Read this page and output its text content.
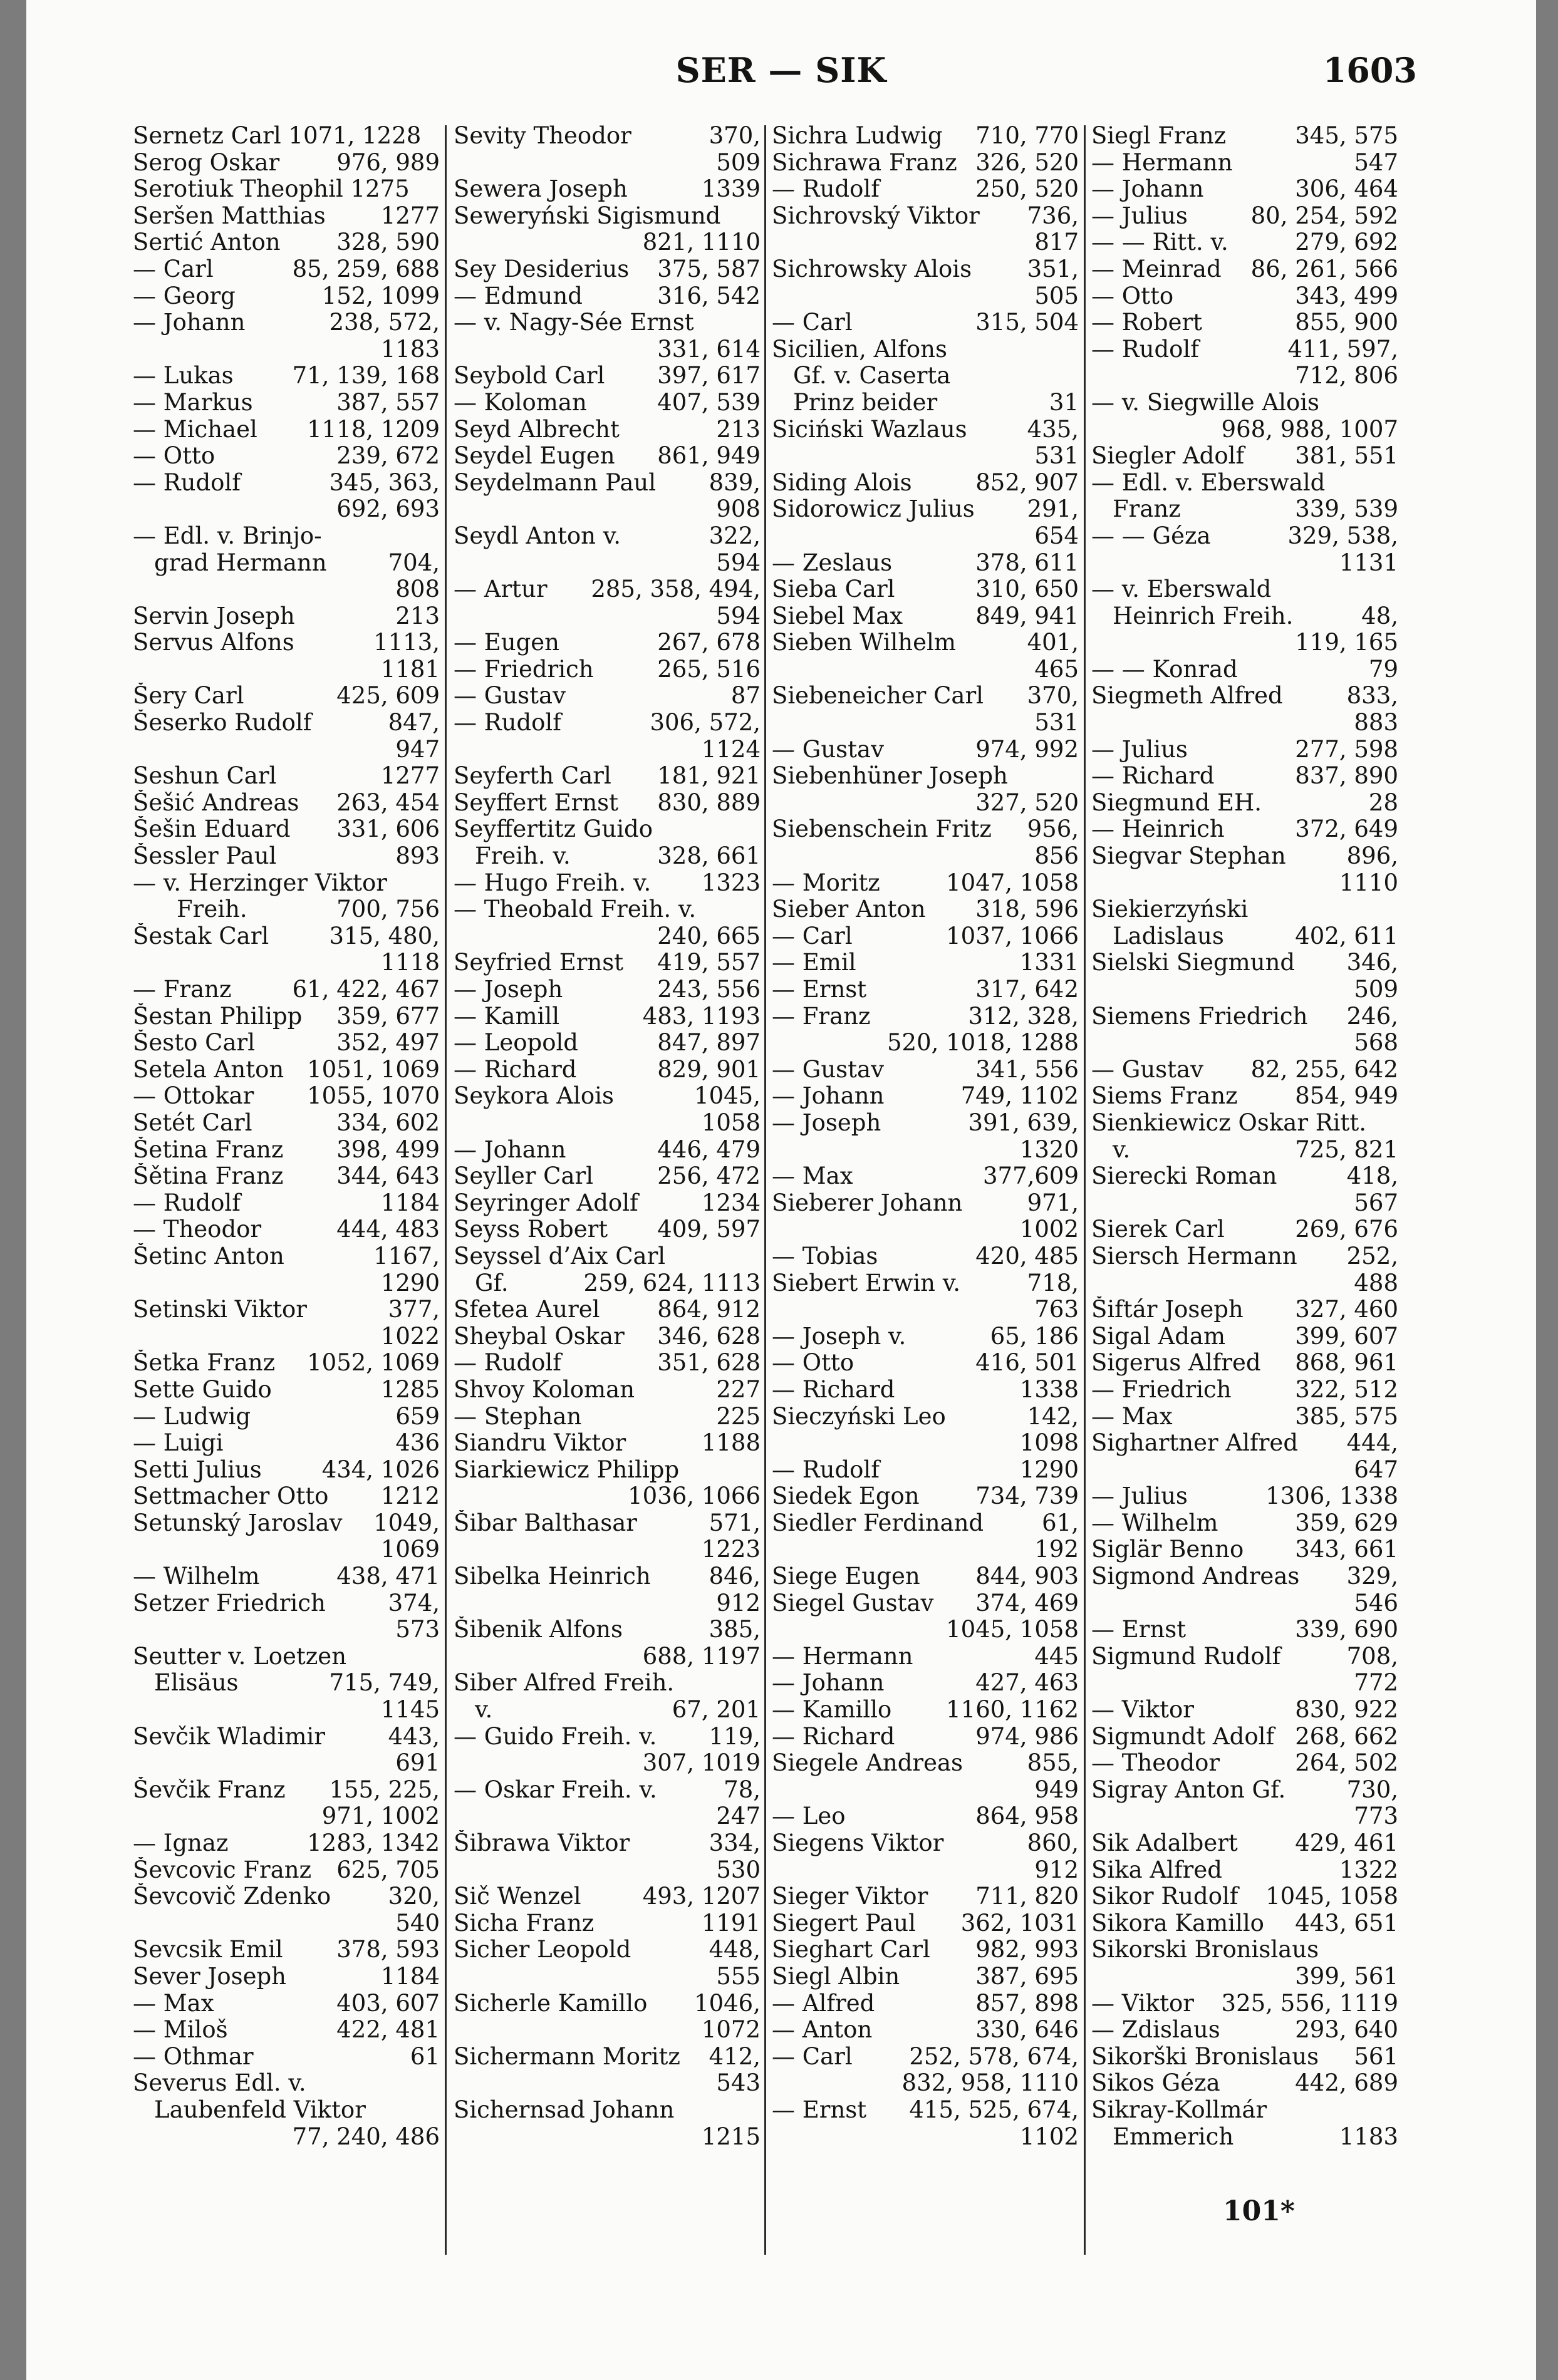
SER — SIK	1603
Sernetz Carl 1071, 1228
Serog Oskar 976, 989
Serotiuk Theophil 1275
Seršen Matthias 1277
Sertić Anton 328, 590
— Carl	85, 259, 688
— Georg	152, 1099
— Johann	238, 572,
1183
— Lukas	71, 139, 168
— Markus	387, 557
— Michael 1118, 1209
— Otto	239, 672
— Rudolf	345, 363,
692, 693
— Edl. v. Brinjo-
grad Hermann	704,
808
Servin Joseph	213
Servus Alfons	1113,
1181
Šery Carl	425, 609
Šeserko Rudolf	847,
947
Seshun Carl	1277
Šešić Andreas 263, 454
Šešin Eduard 331, 606
Šessler Paul	893
— v. Herzinger Viktor
Freih.	700, 756
Šestak Carl	315, 480,
1118
— Franz	61, 422, 467
Šestan Philipp 359, 677
Šesto Carl	352, 497
Setela Anton 1051, 1069
— Ottokar 1055, 1070
Setét Carl	334, 602
Šetina Franz 398, 499
Šětina Franz 344, 643
— Rudolf	1184
— Theodor	444, 483
Šetinc Anton	1167,
1290
Setinski Viktor	377,
1022
Šetka Franz 1052, 1069
Sette Guido	1285
— Ludwig	659
— Luigi	436
Setti Julius	434, 1026
Settmacher Otto 1212
Setunský Jaroslav 1049,
1069
— Wilhelm	438, 471
Setzer Friedrich	374,
573
Seutter v. Loetzen
Elisäus	715, 749,
1145
Sevčik Wladimir	443,
691
Ševčik Franz 155, 225,
971, 1002
— Ignaz	1283, 1342
Ševcovic Franz 625, 705
Ševcovič Zdenko 320,
540
Sevcsik Emil 378, 593
Sever Joseph	1184
— Max	403, 607
— Miloš	422, 481
— Othmar	61
Severus Edl. v.
Laubenfeld Viktor
77, 240, 486
Sevity Theodor	370,
509
Sewera Joseph	1339
Seweryński Sigismund
821, 1110
Sey Desiderius 375, 587
— Edmund	316, 542
— v. Nagy-Sée Ernst
331, 614
Seybold Carl 397, 617
— Koloman	407, 539
Seyd Albrecht	213
Seydel Eugen 861, 949
Seydelmann Paul 839,
908
Seydl Anton v.	322,
594
— Artur 285, 358, 494,
594
— Eugen	267, 678
— Friedrich	265, 516
— Gustav	87
— Rudolf	306, 572,
1124
Seyferth Carl 181, 921
Seyffert Ernst 830, 889
Seyffertitz Guido
Freih. v.	328, 661
— Hugo Freih. v. 1323
— Theobald Freih. v.
240, 665
Seyfried Ernst 419, 557
— Joseph	243, 556
— Kamill	483, 1193
— Leopold	847, 897
— Richard	829, 901
Seykora Alois	1045,
1058
— Johann	446, 479
Seyller Carl	256, 472
Seyringer Adolf	1234
Seyss Robert 409, 597
Seyssel d’Aix Carl
Gf.	259, 624, 1113
Sfetea Aurel 864, 912
Sheybal Oskar 346, 628
— Rudolf	351, 628
Shvoy Koloman	227
— Stephan	225
Siandru Viktor	1188
Siarkiewicz Philipp
1036, 1066
Šibar Balthasar	571,
1223
Sibelka Heinrich	846,
912
Šibenik Alfons	385,
688, 1197
Siber Alfred Freih.
v.	67, 201
— Guido Freih. v. 119,
307, 1019
— Oskar Freih. v.	78,
247
Šibrawa Viktor	334,
530
Sič Wenzel	493, 1207
Sicha Franz	1191
Sicher Leopold	448,
555
Sicherle Kamillo 1046,
1072
Sichermann Moritz 412,
543
Sichernsad Johann
1215
Sichra Ludwig 710, 770
Sichrawa Franz 326, 520
— Rudolf	250, 520
Sichrovský Viktor 736,
817
Sichrowsky Alois 351,
505
— Carl	315, 504
Sicilien, Alfons
Gf. v. Caserta
Prinz beider	31
Siciński Wazlaus	435,
531
Siding Alois	852, 907
Sidorowicz Julius 291,
654
— Zeslaus	378, 611
Sieba Carl	310, 650
Siebel Max	849, 941
Sieben Wilhelm	401,
465
Siebeneicher Carl 370,
531
— Gustav	974, 992
Siebenhüner Joseph
327, 520
Siebenschein Fritz 956,
856
— Moritz	1047, 1058
Sieber Anton 318, 596
— Carl	1037, 1066
— Emil	1331
— Ernst	317, 642
— Franz	312, 328,
520, 1018, 1288
— Gustav	341, 556
— Johann	749, 1102
— Joseph	391, 639,
1320
— Max	377,609
Sieberer Johann	971,
1002
— Tobias	420, 485
Siebert Erwin v.	718,
763
— Joseph v.	65, 186
— Otto	416, 501
— Richard	1338
Sieczyński Leo	142,
1098
— Rudolf	1290
Siedek Egon 734, 739
Siedler Ferdinand	61,
192
Siege Eugen 844, 903
Siegel Gustav 374, 469
1045, 1058
— Hermann	445
— Johann	427, 463
— Kamillo 1160, 1162
— Richard	974, 986
Siegele Andreas	855,
949
— Leo	864, 958
Siegens Viktor	860,
912
Sieger Viktor 711, 820
Siegert Paul 362, 1031
Sieghart Carl 982, 993
Siegl Albin	387, 695
— Alfred	857, 898
— Anton	330, 646
— Carl 252, 578, 674,
832, 958, 1110
— Ernst 415, 525, 674,
1102
Siegl Franz	345, 575
— Hermann	547
— Johann	306, 464
— Julius	80, 254, 592
— — Ritt. v.	279, 692
— Meinrad 86, 261, 566
— Otto	343, 499
— Robert	855, 900
— Rudolf	411, 597,
712, 806
— v. Siegwille Alois
968, 988, 1007
Siegler Adolf 381, 551
— Edl. v. Eberswald
Franz	339, 539
— — Géza	329, 538,
1131
— v. Eberswald
Heinrich Freih.	48,
119, 165
— — Konrad	79
Siegmeth Alfred	833,
883
— Julius	277, 598
— Richard	837, 890
Siegmund EH.	28
— Heinrich	372, 649
Siegvar Stephan	896,
1110
Siekierzyński
Ladislaus	402, 611
Sielski Siegmund 346,
509
Siemens Friedrich 246,
568
— Gustav 82, 255, 642
Siems Franz 854, 949
Sienkiewicz Oskar Ritt.
v.	725, 821
Sierecki Roman	418,
567
Sierek Carl	269, 676
Siersch Hermann 252,
488
Šiftár Joseph 327, 460
Sigal Adam	399, 607
Sigerus Alfred 868, 961
— Friedrich	322, 512
— Max	385, 575
Sighartner Alfred 444,
647
— Julius	1306, 1338
— Wilhelm	359, 629
Siglär Benno 343, 661
Sigmond Andreas 329,
546
— Ernst	339, 690
Sigmund Rudolf	708,
772
— Viktor	830, 922
Sigmundt Adolf 268, 662
— Theodor	264, 502
Sigray Anton Gf.	730,
773
Sik Adalbert 429, 461
Sika Alfred	1322
Sikor Rudolf 1045, 1058
Sikora Kamillo 443, 651
Sikorski Bronislaus
399, 561
— Viktor 325, 556, 1119
— Zdislaus	293, 640
Sikorški Bronislaus 561
Sikos Géza	442, 689
Sikray-Kollmár
Emmerich	1183
101*
